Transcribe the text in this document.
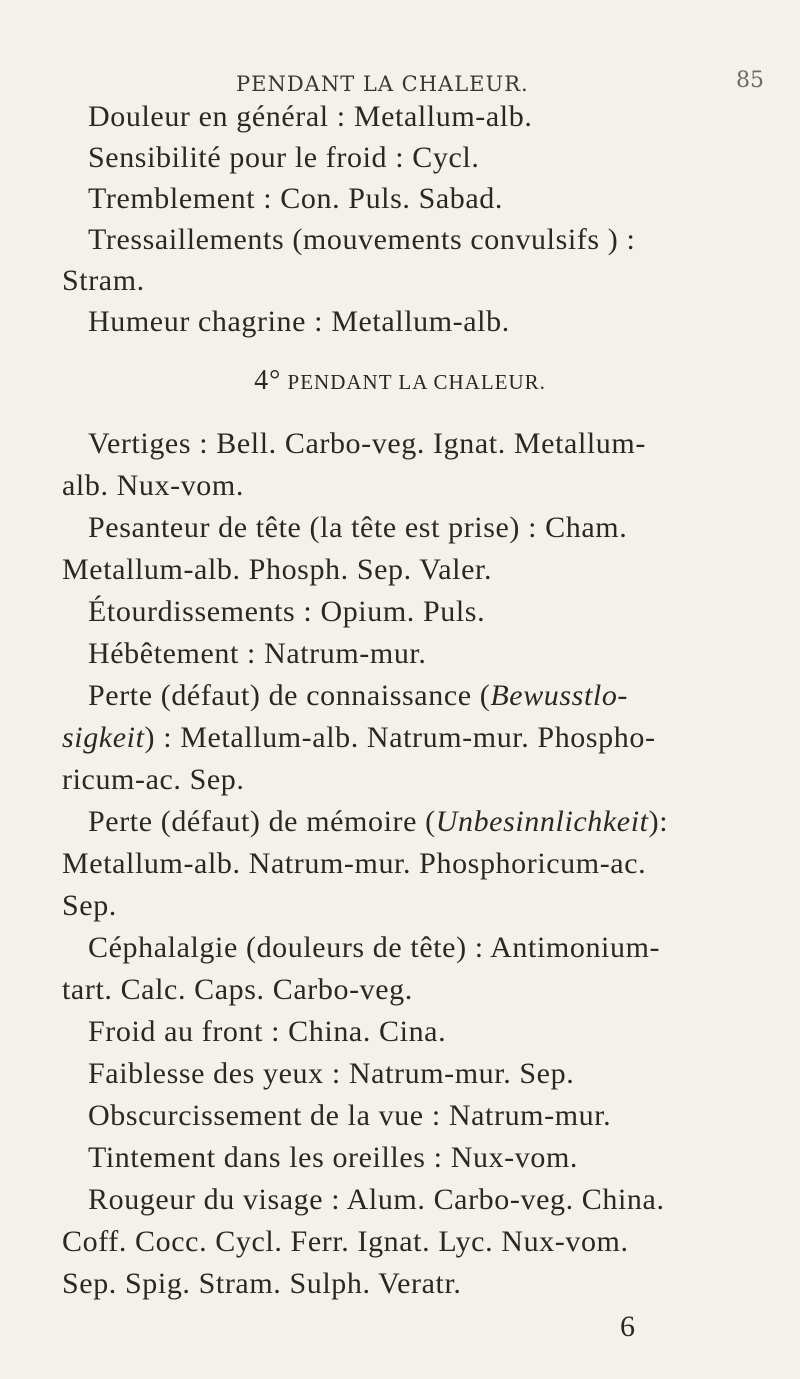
PENDANT LA CHALEUR.	85
Douleur en général : Metallum-alb.
Sensibilité pour le froid : Cycl.
Tremblement : Con. Puls. Sabad.
Tressaillements (mouvements convulsifs ) :
Stram.
Humeur chagrine : Metallum-alb.
4° PENDANT LA CHALEUR.
Vertiges : Bell. Carbo-veg. Ignat. Metallum-
alb. Nux-vom.
Pesanteur de tête (la tête est prise) : Cham.
Metallum-alb. Phosph. Sep. Valer.
Étourdissements : Opium. Puls.
Hébêtement : Natrum-mur.
Perte (défaut) de connaissance (Bewusstlo-
sigkeit) : Metallum-alb. Natrum-mur. Phospho-
ricum-ac. Sep.
Perte (défaut) de mémoire (Unbesinnlichkeit):
Metallum-alb. Natrum-mur. Phosphoricum-ac.
Sep.
Céphalalgie (douleurs de tête) : Antimonium-
tart. Calc. Caps. Carbo-veg.
Froid au front : China. Cina.
Faiblesse des yeux : Natrum-mur. Sep.
Obscurcissement de la vue : Natrum-mur.
Tintement dans les oreilles : Nux-vom.
Rougeur du visage : Alum. Carbo-veg. China.
Coff. Cocc. Cycl. Ferr. Ignat. Lyc. Nux-vom.
Sep. Spig. Stram. Sulph. Veratr.
6
